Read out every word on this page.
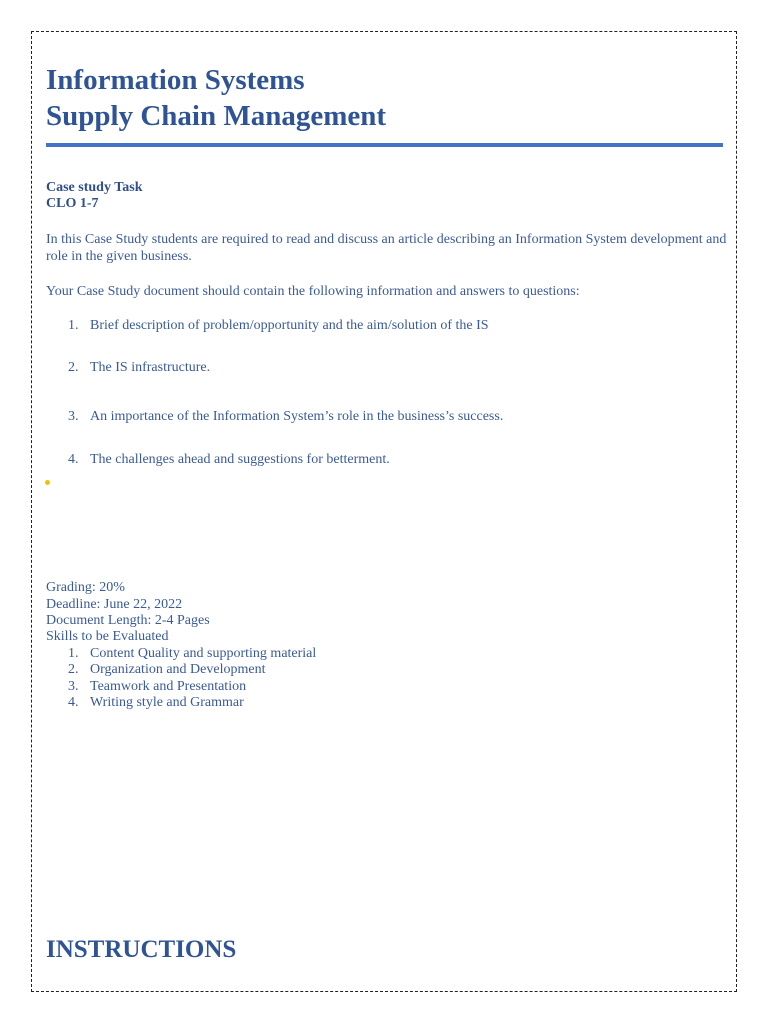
Information Systems
Supply Chain Management
Case study Task
CLO 1-7
In this Case Study students are required to read and discuss an article describing an Information System development and role in the given business.
Your Case Study document should contain the following information and answers to questions:
1. Brief description of problem/opportunity and the aim/solution of the IS
2. The IS infrastructure.
3. An importance of the Information System’s role in the business’s success.
4. The challenges ahead and suggestions for betterment.
Grading: 20%
Deadline: June 22, 2022
Document Length: 2-4 Pages
Skills to be Evaluated
1. Content Quality and supporting material
2. Organization and Development
3. Teamwork and Presentation
4. Writing style and Grammar
INSTRUCTIONS
